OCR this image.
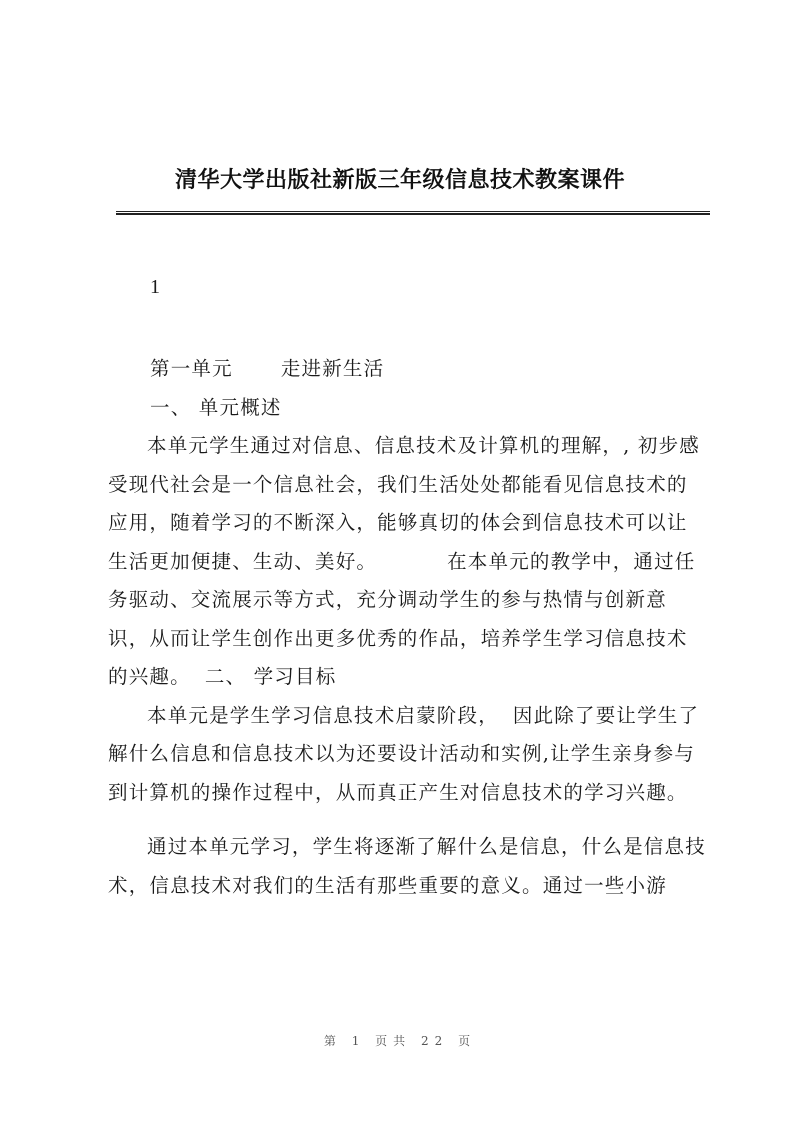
清华大学出版社新版三年级信息技术教案课件
1

第一单元 走进新生活

一、 单元概述

本单元学生通过对信息、信息技术及计算机的理解，, 初步感受现代社会是一个信息社会，我们生活处处都能看见信息技术的应用，随着学习的不断深入，能够真切的体会到信息技术可以让生活更加便捷、生动、美好。	在本单元的教学中，通过任务驱动、交流展示等方式，充分调动学生的参与热情与创新意识，从而让学生创作出更多优秀的作品，培养学生学习信息技术的兴趣。 二、 学习目标

本单元是学生学习信息技术启蒙阶段， 因此除了要让学生了解什么信息和信息技术以为还要设计活动和实例,让学生亲身参与到计算机的操作过程中，从而真正产生对信息技术的学习兴趣。

通过本单元学习，学生将逐渐了解什么是信息，什么是信息技术，信息技术对我们的生活有那些重要的意义。通过一些小游

第 1 页共 22 页
